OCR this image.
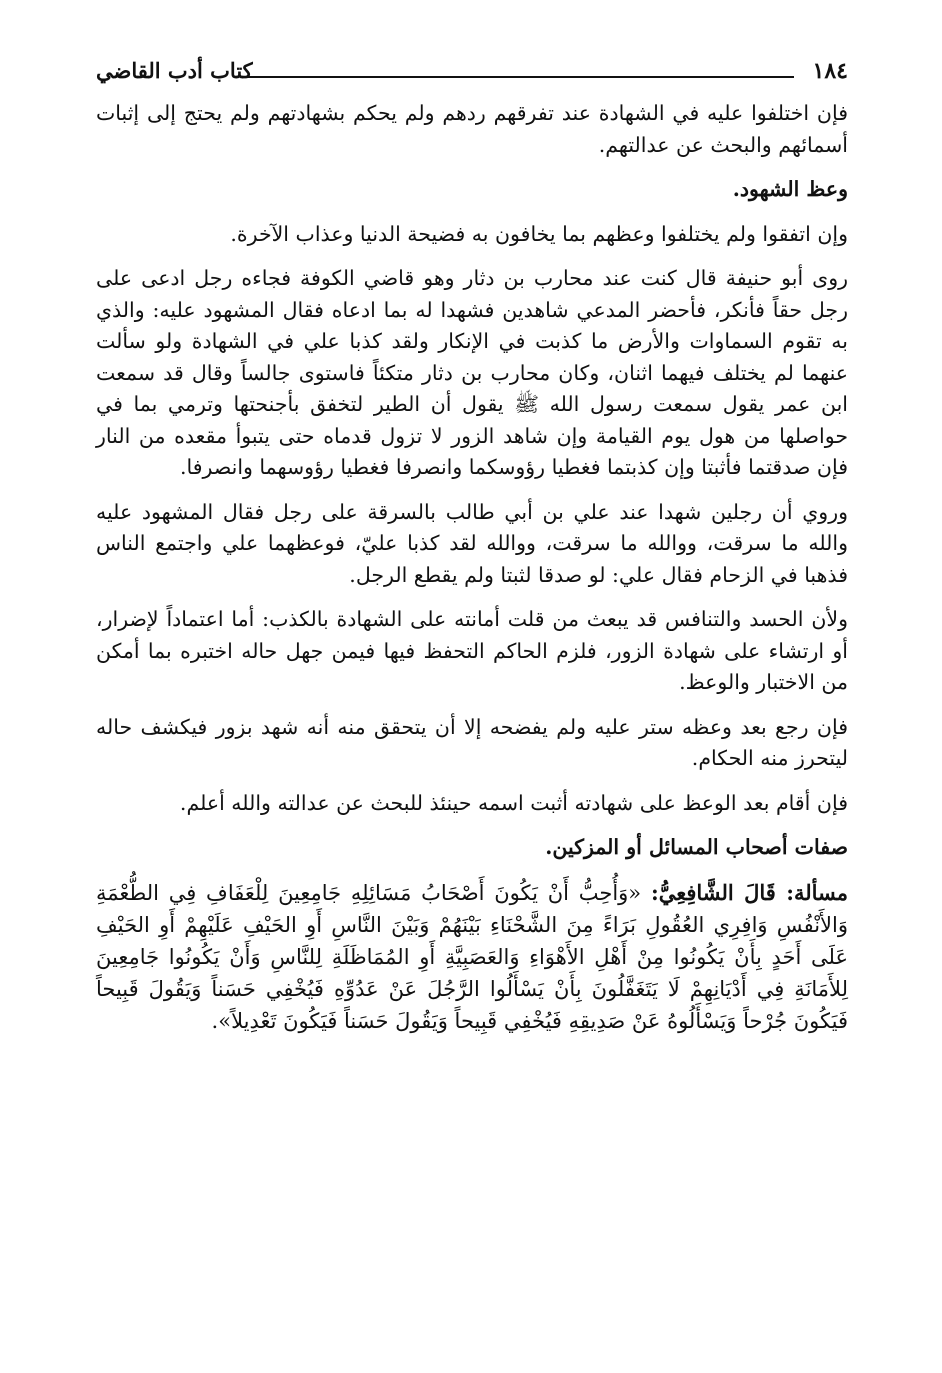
١٨٤
كتاب أدب القاضي

فإن اختلفوا عليه في الشهادة عند تفرقهم ردهم ولم يحكم بشهادتهم ولم يحتج إلى إثبات أسمائهم والبحث عن عدالتهم.

وعظ الشهود.

وإن اتفقوا ولم يختلفوا وعظهم بما يخافون به فضيحة الدنيا وعذاب الآخرة.

روى أبو حنيفة قال كنت عند محارب بن دثار وهو قاضي الكوفة فجاءه رجل ادعى على رجل حقاً فأنكر، فأحضر المدعي شاهدين فشهدا له بما ادعاه فقال المشهود عليه: والذي به تقوم السماوات والأرض ما كذبت في الإنكار ولقد كذبا علي في الشهادة ولو سألت عنهما لم يختلف فيهما اثنان، وكان محارب بن دثار متكئاً فاستوى جالساً وقال قد سمعت ابن عمر يقول سمعت رسول الله ﷺ يقول أن الطير لتخفق بأجنحتها وترمي بما في حواصلها من هول يوم القيامة وإن شاهد الزور لا تزول قدماه حتى يتبوأ مقعده من النار فإن صدقتما فأثبتا وإن كذبتما فغطيا رؤوسكما وانصرفا فغطيا رؤوسهما وانصرفا.

وروي أن رجلين شهدا عند علي بن أبي طالب بالسرقة على رجل فقال المشهود عليه والله ما سرقت، ووالله ما سرقت، ووالله لقد كذبا عليّ، فوعظهما علي واجتمع الناس فذهبا في الزحام فقال علي: لو صدقا لثبتا ولم يقطع الرجل.

ولأن الحسد والتنافس قد يبعث من قلت أمانته على الشهادة بالكذب: أما اعتماداً لإضرار، أو ارتشاء على شهادة الزور، فلزم الحاكم التحفظ فيها فيمن جهل حاله اختبره بما أمكن من الاختبار والوعظ.

فإن رجع بعد وعظه ستر عليه ولم يفضحه إلا أن يتحقق منه أنه شهد بزور فيكشف حاله ليتحرز منه الحكام.

فإن أقام بعد الوعظ على شهادته أثبت اسمه حينئذ للبحث عن عدالته والله أعلم.

صفات أصحاب المسائل أو المزكين.

مسألة: قَالَ الشَّافِعِيُّ: «وَأُحِبُّ أَنْ يَكُونَ أَصْحَابُ مَسَائِلِهِ جَامِعِينَ لِلْعَفَافِ فِي الطُّعْمَةِ وَالأَنْفُسِ وَافِرِي العُقُولِ بَرَاءً مِنَ الشَّحْنَاءِ بَيْنَهُمْ وَبَيْنَ النَّاسِ أَوِ الحَيْفِ عَلَيْهِمْ أَوِ الحَيْفِ عَلَى أَحَدٍ بِأَنْ يَكُونُوا مِنْ أَهْلِ الأَهْوَاءِ وَالعَصَبِيَّةِ أَوِ المُمَاظَلَةِ لِلنَّاسِ وَأَنْ يَكُونُوا جَامِعِينَ لِلأَمَانَةِ فِي أَدْيَانِهِمْ لَا يَتَغَفَّلُونَ بِأَنْ يَسْأَلُوا الرَّجُلَ عَنْ عَدُوِّهِ فَيُخْفِي حَسَناً وَيَقُولَ قَبِيحاً فَيَكُونَ جُرْحاً وَيَسْأَلُوهُ عَنْ صَدِيقِهِ فَيُخْفِي قَبِيحاً وَيَقُولَ حَسَناً فَيَكُونَ تَعْدِيلاً».
